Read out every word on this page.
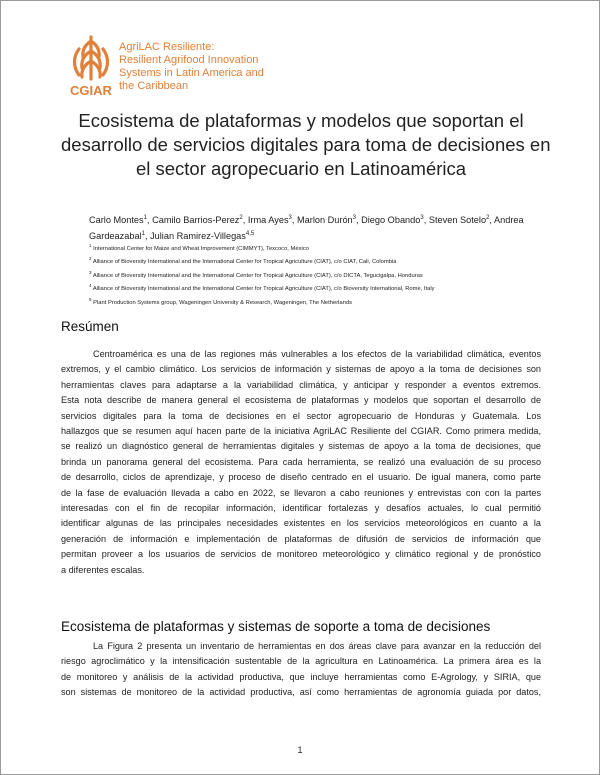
CGIAR
AgriLAC Resiliente:
Resilient Agrifood Innovation
Systems in Latin America and
the Caribbean
Ecosistema de plataformas y modelos que soportan el
desarrollo de servicios digitales para toma de decisiones en
el sector agropecuario en Latinoamérica
Carlo Montes$^1$, Camilo Barrios-Perez$^2$, Irma Ayes$^3$, Marlon Durón$^3$, Diego Obando$^3$, Steven Sotelo$^2$, Andrea Gardeazabal$^1$, Julian Ramirez-Villegas$^{4,5}$
$^1$ International Center for Maize and Wheat Improvement (CIMMYT), Texcoco, México
$^2$ Alliance of Bioversity International and the International Center for Tropical Agriculture (CIAT), c/o CIAT, Cali, Colombia
$^3$ Alliance of Bioversity International and the International Center for Tropical Agriculture (CIAT), c/o DICTA, Tegucigalpa, Honduras
$^4$ Alliance of Bioversity International and the International Center for Tropical Agriculture (CIAT), c/o Bioversity International, Rome, Italy
$^5$ Plant Production Systems group, Wageningen University & Research, Wageningen, The Netherlands
Resúmen
Centroamérica es una de las regiones más vulnerables a los efectos de la variabilidad climática, eventos
extremos, y el cambio climático. Los servicios de información y sistemas de apoyo a la toma de decisiones son
herramientas claves para adaptarse a la variabilidad climática, y anticipar y responder a eventos extremos.
Esta nota describe de manera general el ecosistema de plataformas y modelos que soportan el desarrollo de
servicios digitales para la toma de decisiones en el sector agropecuario de Honduras y Guatemala. Los
hallazgos que se resumen aquí hacen parte de la iniciativa AgriLAC Resiliente del CGIAR. Como primera medida,
se realizó un diagnóstico general de herramientas digitales y sistemas de apoyo a la toma de decisiones, que
brinda un panorama general del ecosistema. Para cada herramienta, se realizó una evaluación de su proceso
de desarrollo, ciclos de aprendizaje, y proceso de diseño centrado en el usuario. De igual manera, como parte
de la fase de evaluación llevada a cabo en 2022, se llevaron a cabo reuniones y entrevistas con con la partes
interesadas con el fin de recopilar información, identificar fortalezas y desafíos actuales, lo cual permitió
identificar algunas de las principales necesidades existentes en los servicios meteorológicos en cuanto a la
generación de información e implementación de plataformas de difusión de servicios de información que
permitan proveer a los usuarios de servicios de monitoreo meteorológico y climático regional y de pronóstico
a diferentes escalas.
Ecosistema de plataformas y sistemas de soporte a toma de decisiones
La Figura 2 presenta un inventario de herramientas en dos áreas clave para avanzar en la reducción del
riesgo agroclimático y la intensificación sustentable de la agricultura en Latinoamérica. La primera área es la
de monitoreo y análisis de la actividad productiva, que incluye herramientas como E-Agrology, y SIRIA, que
son sistemas de monitoreo de la actividad productiva, así como herramientas de agronomía guiada por datos,
1
